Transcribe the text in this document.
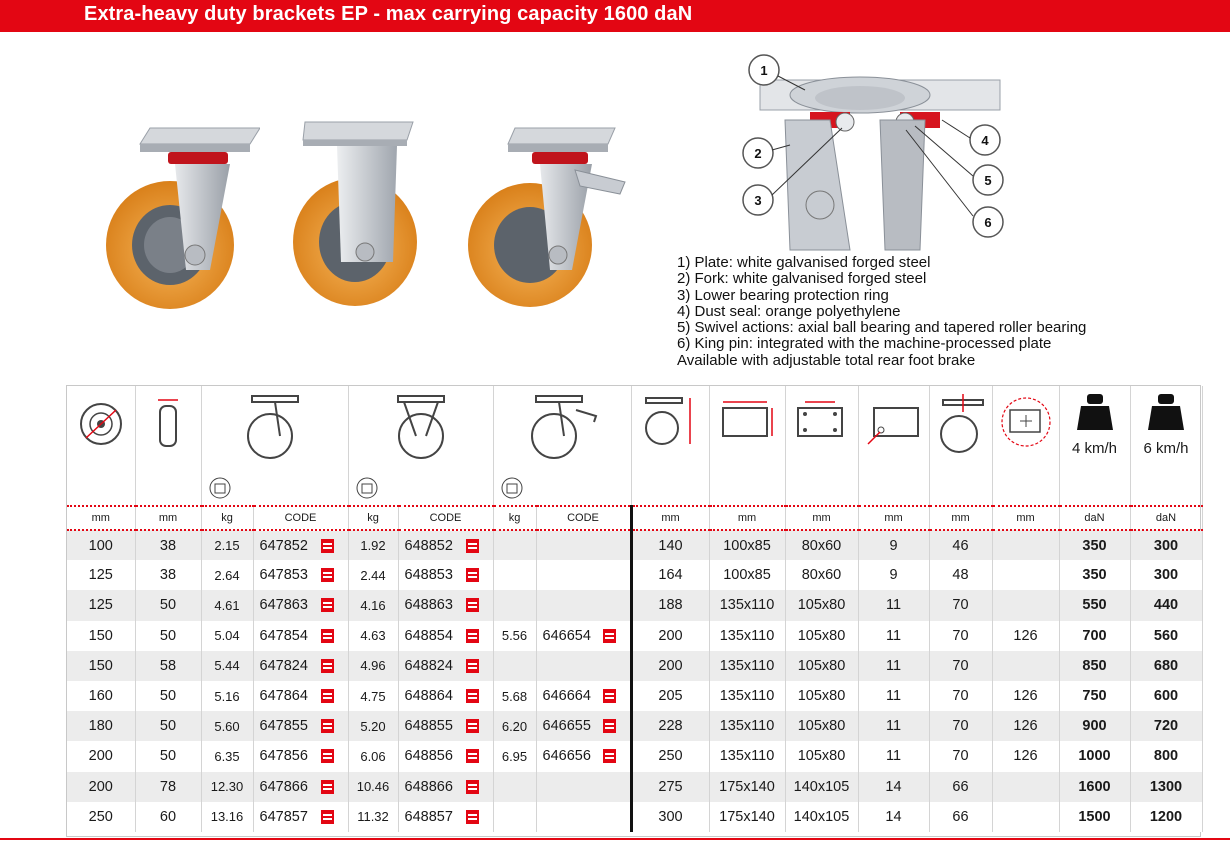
Extra-heavy duty brackets EP - max carrying capacity 1600 daN
1
2
3
4
5
6
1) Plate: white galvanised forged steel
2) Fork: white galvanised forged steel
3) Lower bearing protection ring
4) Dust seal: orange polyethylene
5) Swivel actions: axial ball bearing and tapered roller bearing
6) King pin: integrated with the machine-processed plate
Available with adjustable total rear foot brake

4 km/h	6 km/h

mm	mm	kg	CODE	kg	CODE	kg	CODE	mm	mm	mm	mm	mm	mm	daN	daN
100	38	2.15	647852	1.92	648852			140	100x85	80x60	9	46		350	300
125	38	2.64	647853	2.44	648853			164	100x85	80x60	9	48		350	300
125	50	4.61	647863	4.16	648863			188	135x110	105x80	11	70		550	440
150	50	5.04	647854	4.63	648854	5.56	646654	200	135x110	105x80	11	70	126	700	560
150	58	5.44	647824	4.96	648824			200	135x110	105x80	11	70		850	680
160	50	5.16	647864	4.75	648864	5.68	646664	205	135x110	105x80	11	70	126	750	600
180	50	5.60	647855	5.20	648855	6.20	646655	228	135x110	105x80	11	70	126	900	720
200	50	6.35	647856	6.06	648856	6.95	646656	250	135x110	105x80	11	70	126	1000	800
200	78	12.30	647866	10.46	648866			275	175x140	140x105	14	66		1600	1300
250	60	13.16	647857	11.32	648857			300	175x140	140x105	14	66		1500	1200
